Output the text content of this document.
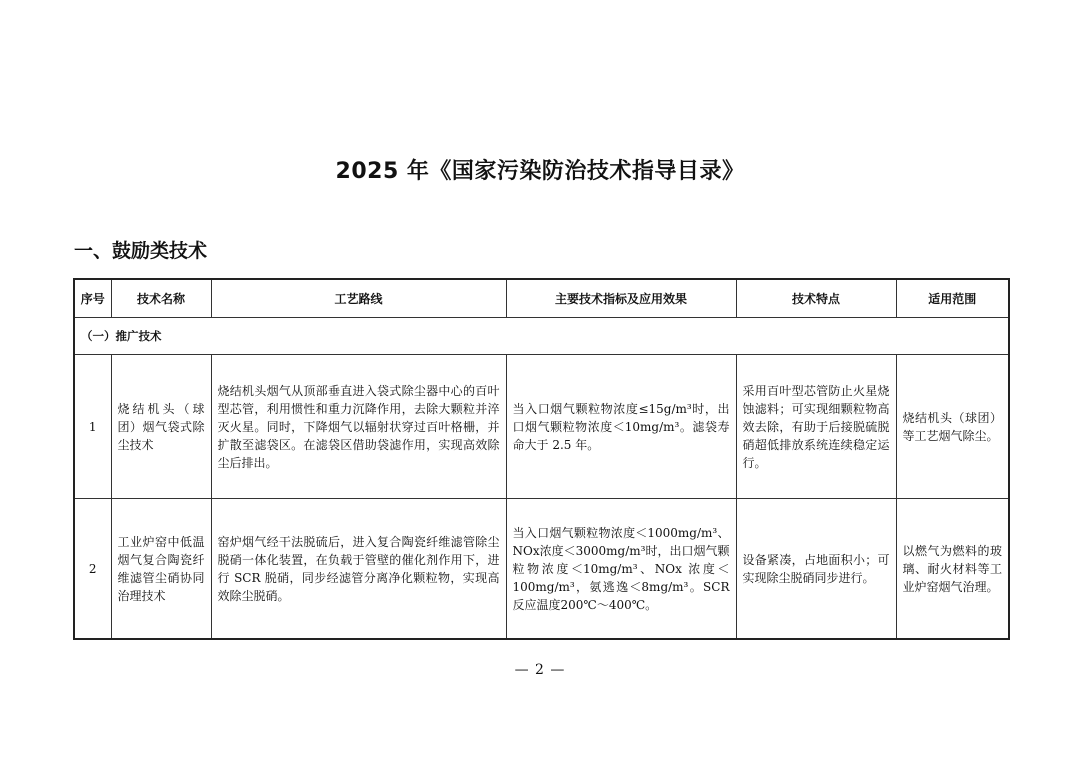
2025 年《国家污染防治技术指导目录》
一、鼓励类技术
序号	技术名称	工艺路线	主要技术指标及应用效果	技术特点	适用范围
（一）推广技术					
1	烧结机头（球团）烟气袋式除尘技术	烧结机头烟气从顶部垂直进入袋式除尘器中心的百叶型芯管，利用惯性和重力沉降作用，去除大颗粒并淬灭火星。同时，下降烟气以辐射状穿过百叶格栅，并扩散至滤袋区。在滤袋区借助袋滤作用，实现高效除尘后排出。	当入口烟气颗粒物浓度≤15g/m³时，出口烟气颗粒物浓度＜10mg/m³。滤袋寿命大于 2.5 年。	采用百叶型芯管防止火星烧蚀滤料；可实现细颗粒物高效去除，有助于后接脱硫脱硝超低排放系统连续稳定运行。	烧结机头（球团）等工艺烟气除尘。
2	工业炉窑中低温烟气复合陶瓷纤维滤管尘硝协同治理技术	窑炉烟气经干法脱硫后，进入复合陶瓷纤维滤管除尘脱硝一体化装置，在负载于管壁的催化剂作用下，进行 SCR 脱硝，同步经滤管分离净化颗粒物，实现高效除尘脱硝。	当入口烟气颗粒物浓度＜1000mg/m³、NOx浓度＜3000mg/m³时，出口烟气颗粒物浓度＜10mg/m³、NOx 浓度＜100mg/m³，氨逃逸＜8mg/m³。SCR 反应温度200℃～400℃。	设备紧凑，占地面积小；可实现除尘脱硝同步进行。	以燃气为燃料的玻璃、耐火材料等工业炉窑烟气治理。
— 2 —
